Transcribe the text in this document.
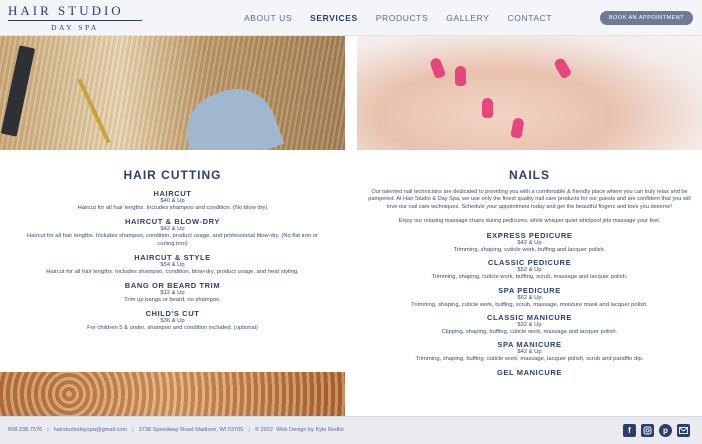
HAIR STUDIO
DAY SPA
ABOUT US SERVICES PRODUCTS GALLERY CONTACT	BOOK AN APPOINTMENT
HAIR CUTTING
HAIRCUT
$40 & Up
Haircut for all hair lengths. Includes shampoo and condition. (No blow dry)
HAIRCUT & BLOW-DRY
$42 & Up
Haircut for all hair lengths. Includes shampoo, condition, product usage, and professional blow-dry. (No flat iron or curling iron)
HAIRCUT & STYLE
$54 & Up
Haircut for all hair lengths. Includes shampoo, condition, blow-dry, product usage, and heat styling.
BANG OR BEARD TRIM
$12 & Up
Trim up bangs or beard, no shampoo.
CHILD'S CUT
$36 & Up
For children 5 & under, shampoo and condition included. (optional)
NAILS
Our talented nail technicians are dedicated to providing you with a comfortable & friendly place where you can truly relax and be pampered. At Hair Studio & Day Spa, we use only the finest quality nail care products for our guests and are confident that you will love our nail care techniques. Schedule your appointment today and get the beautiful fingers and toes you deserve!
Enjoy our relaxing massage chairs during pedicures, while whisper quiet whirlpool jets massage your feet.
EXPRESS PEDICURE
$42 & Up
Trimming, shaping, cuticle work, buffing and lacquer polish.
CLASSIC PEDICURE
$52 & Up
Trimming, shaping, cuticle work, buffing, scrub, massage and lacquer polish.
SPA PEDICURE
$62 & Up
Trimming, shaping, cuticle work, buffing, scrub, massage, moisture mask and lacquer polish.
CLASSIC MANICURE
$32 & Up
Clipping, shaping, buffing, cuticle work, massage and lacquer polish.
SPA MANICURE
$42 & Up
Trimming, shaping, buffing, cuticle work, massage, lacquer polish, scrub and paraffin dip.
GEL MANICURE
608.238.7576 | hairstudiodayspa@gmail.com | 3738 Speedway Road Madison, WI 53705 | © 2022 Web Design by Kyle Redlin	f	p
